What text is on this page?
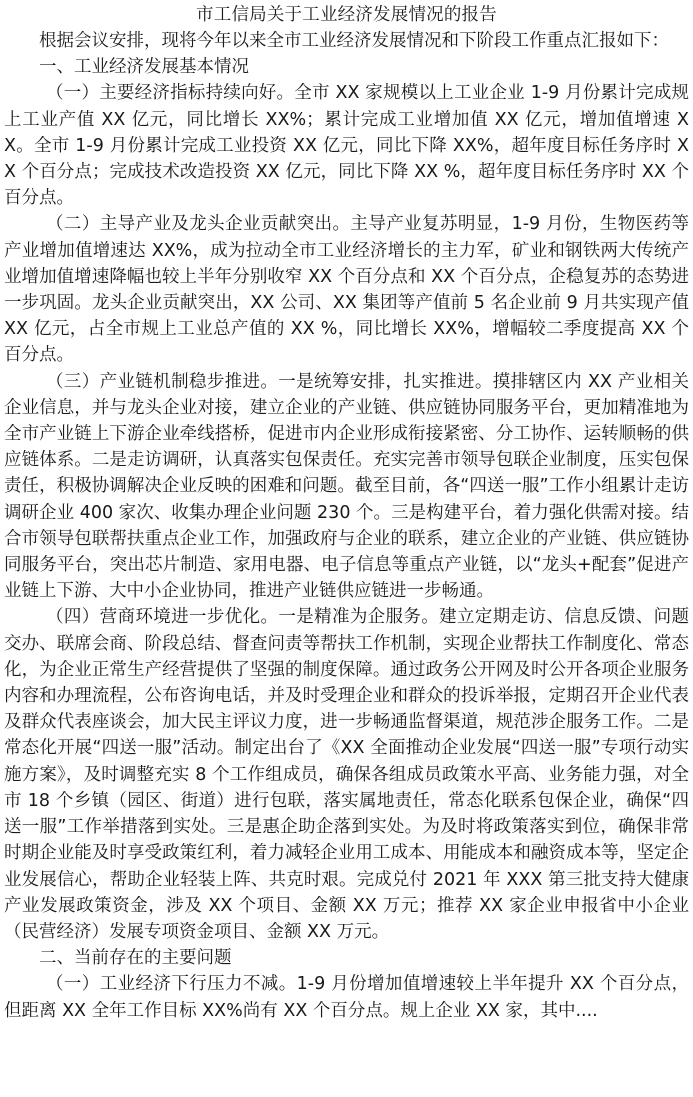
市工信局关于工业经济发展情况的报告

根据会议安排，现将今年以来全市工业经济发展情况和下阶段工作重点汇报如下：

一、工业经济发展基本情况

（一）主要经济指标持续向好。全市 XX 家规模以上工业企业 1-9 月份累计完成规上工业产值 XX 亿元，同比增长 XX%；累计完成工业增加值 XX 亿元，增加值增速 XX。全市 1-9 月份累计完成工业投资 XX 亿元，同比下降 XX%，超年度目标任务序时 XX 个百分点；完成技术改造投资 XX 亿元，同比下降 XX %，超年度目标任务序时 XX 个百分点。

（二）主导产业及龙头企业贡献突出。主导产业复苏明显，1-9 月份，生物医药等产业增加值增速达 XX%，成为拉动全市工业经济增长的主力军，矿业和钢铁两大传统产业增加值增速降幅也较上半年分别收窄 XX 个百分点和 XX 个百分点，企稳复苏的态势进一步巩固。龙头企业贡献突出，XX 公司、XX 集团等产值前 5 名企业前 9 月共实现产值 XX 亿元，占全市规上工业总产值的 XX %，同比增长 XX%，增幅较二季度提高 XX 个百分点。

（三）产业链机制稳步推进。一是统筹安排，扎实推进。摸排辖区内 XX 产业相关企业信息，并与龙头企业对接，建立企业的产业链、供应链协同服务平台，更加精准地为全市产业链上下游企业牵线搭桥，促进市内企业形成衔接紧密、分工协作、运转顺畅的供应链体系。二是走访调研，认真落实包保责任。充实完善市领导包联企业制度，压实包保责任，积极协调解决企业反映的困难和问题。截至目前，各“四送一服”工作小组累计走访调研企业 400 家次、收集办理企业问题 230 个。三是构建平台，着力强化供需对接。结合市领导包联帮扶重点企业工作，加强政府与企业的联系，建立企业的产业链、供应链协同服务平台，突出芯片制造、家用电器、电子信息等重点产业链，以“龙头+配套”促进产业链上下游、大中小企业协同，推进产业链供应链进一步畅通。

（四）营商环境进一步优化。一是精准为企服务。建立定期走访、信息反馈、问题交办、联席会商、阶段总结、督查问责等帮扶工作机制，实现企业帮扶工作制度化、常态化，为企业正常生产经营提供了坚强的制度保障。通过政务公开网及时公开各项企业服务内容和办理流程，公布咨询电话，并及时受理企业和群众的投诉举报，定期召开企业代表及群众代表座谈会，加大民主评议力度，进一步畅通监督渠道，规范涉企服务工作。二是常态化开展“四送一服”活动。制定出台了《XX 全面推动企业发展“四送一服”专项行动实施方案》，及时调整充实 8 个工作组成员，确保各组成员政策水平高、业务能力强，对全市 18 个乡镇（园区、街道）进行包联，落实属地责任，常态化联系包保企业，确保“四送一服”工作举措落到实处。三是惠企助企落到实处。为及时将政策落实到位，确保非常时期企业能及时享受政策红利，着力减轻企业用工成本、用能成本和融资成本等，坚定企业发展信心，帮助企业轻装上阵、共克时艰。完成兑付 2021 年 XXX 第三批支持大健康产业发展政策资金，涉及 XX 个项目、金额 XX 万元；推荐 XX 家企业申报省中小企业（民营经济）发展专项资金项目、金额 XX 万元。

二、当前存在的主要问题

（一）工业经济下行压力不减。1-9 月份增加值增速较上半年提升 XX 个百分点，但距离 XX 全年工作目标 XX%尚有 XX 个百分点。规上企业 XX 家，其中....
